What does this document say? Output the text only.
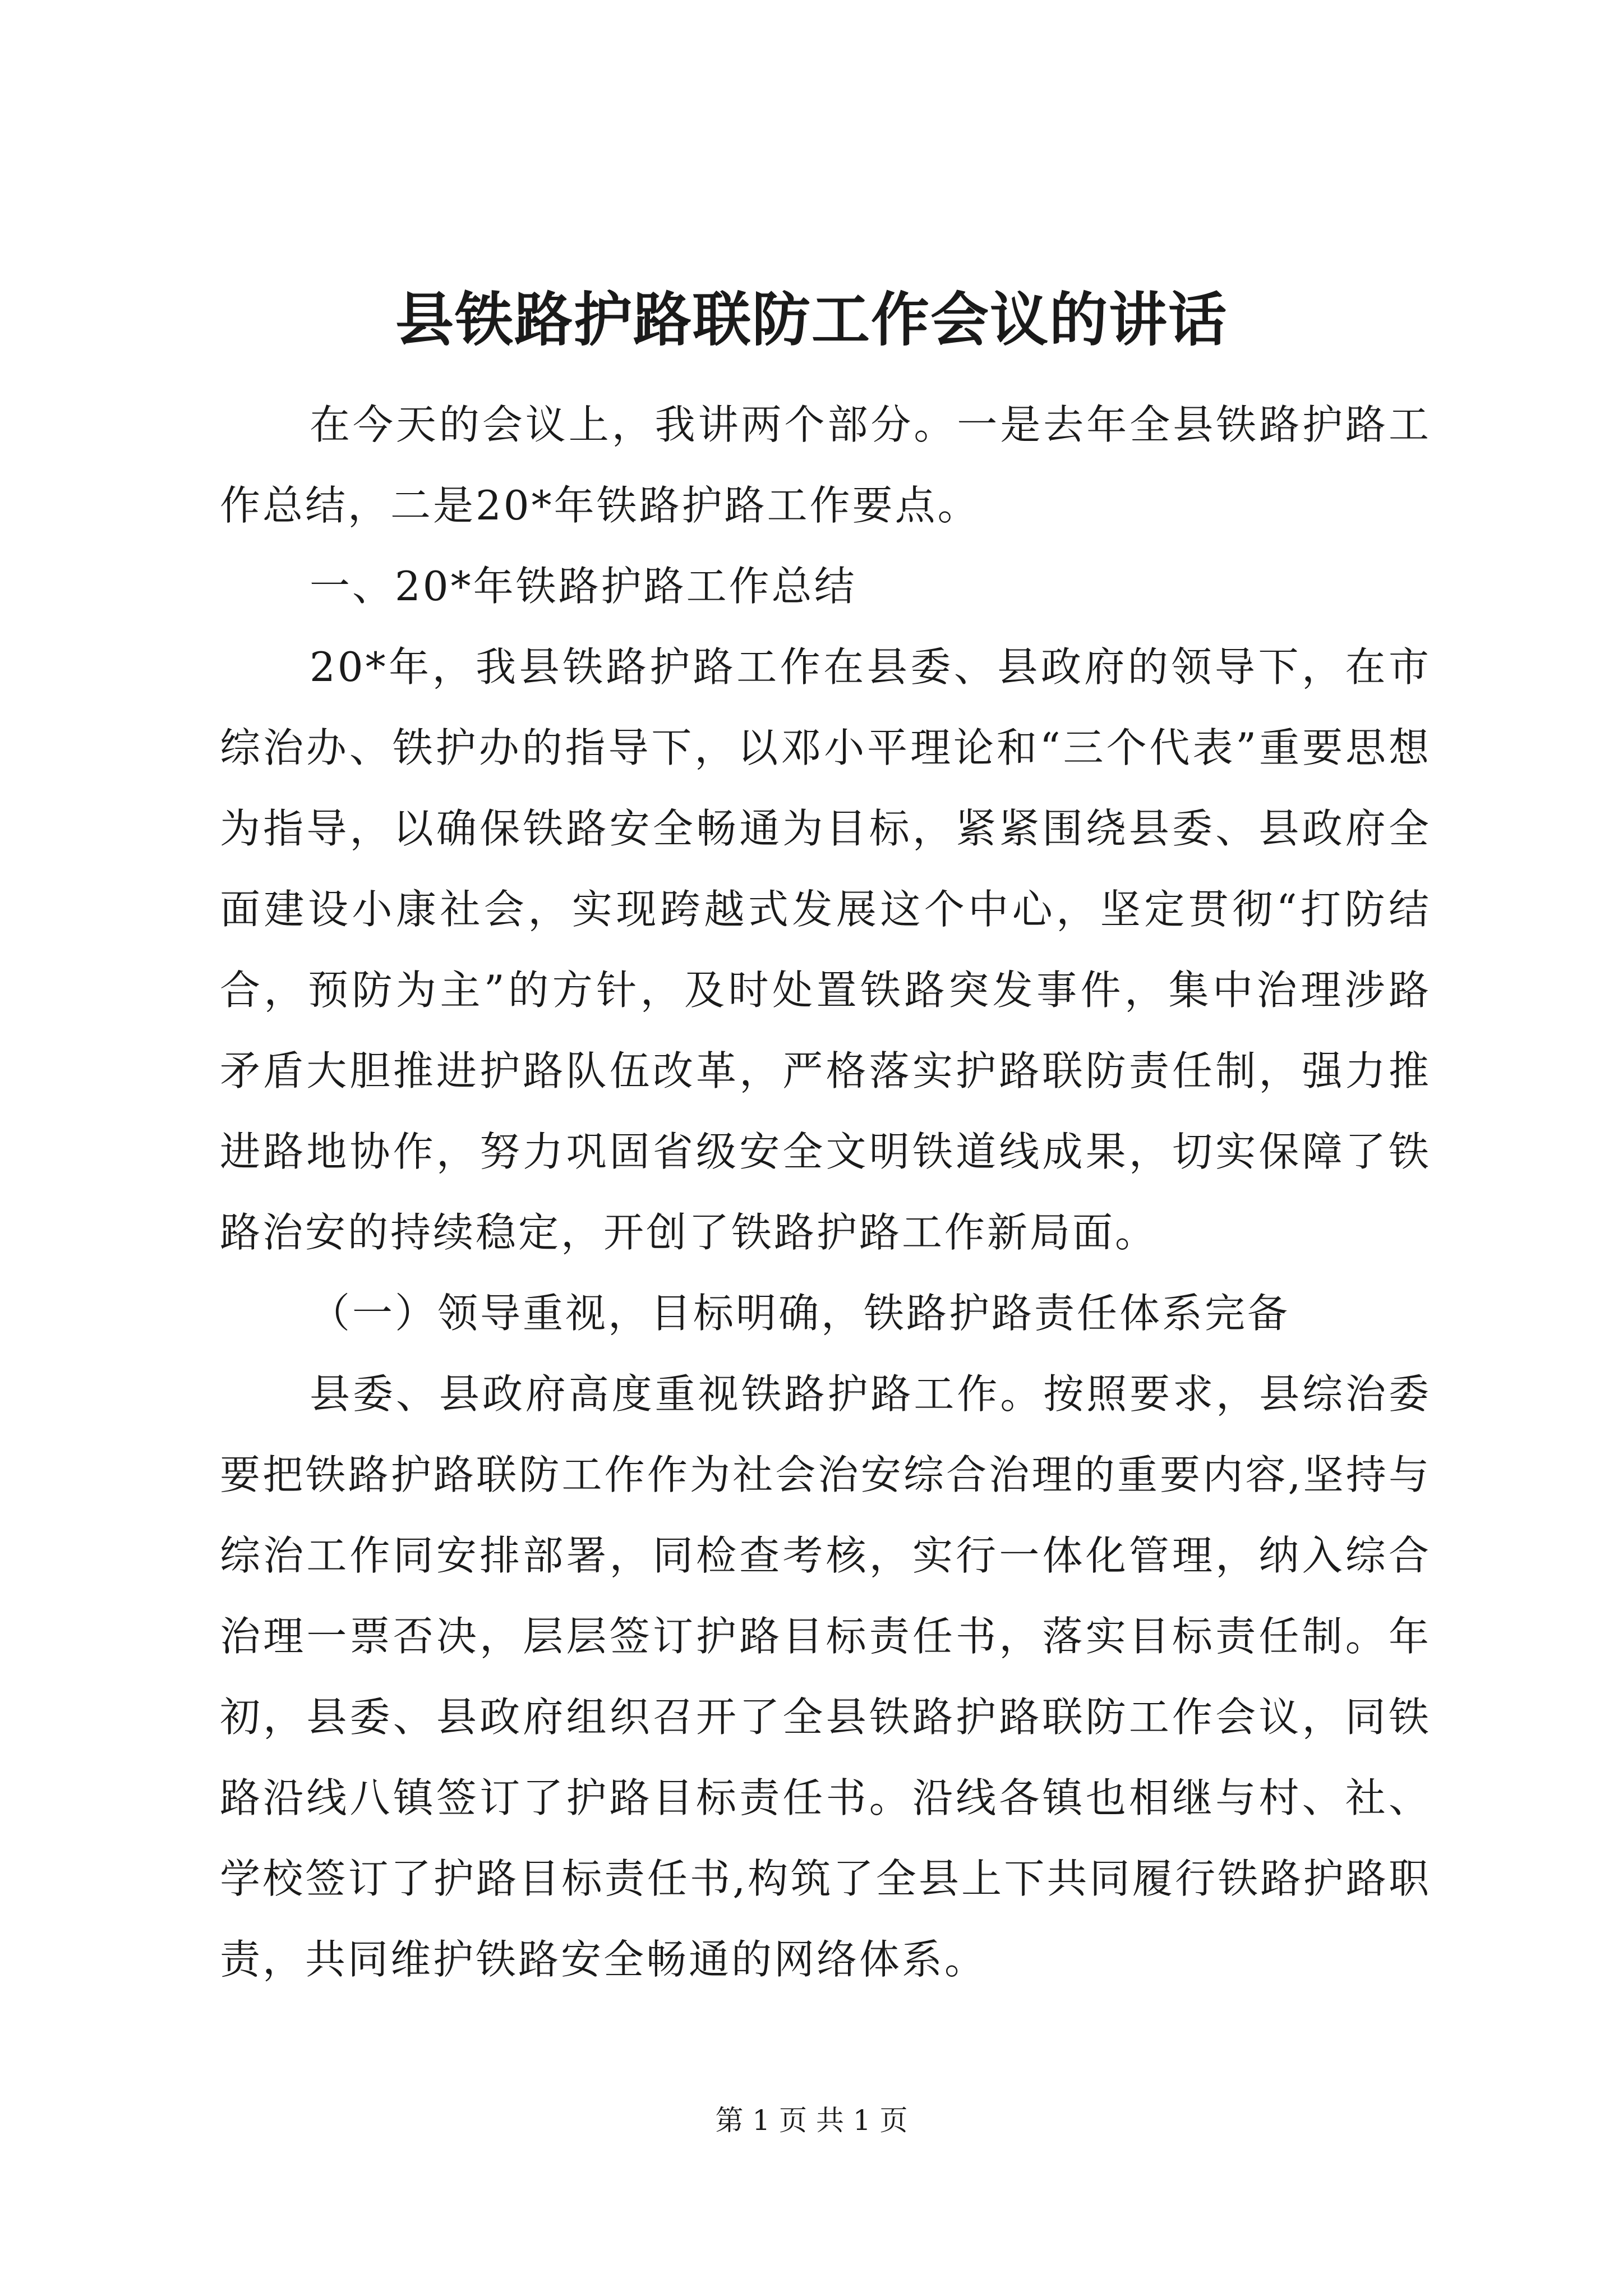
县铁路护路联防工作会议的讲话

在今天的会议上，我讲两个部分。一是去年全县铁路护路工作总结，二是20*年铁路护路工作要点。

一、20*年铁路护路工作总结

20*年，我县铁路护路工作在县委、县政府的领导下，在市综治办、铁护办的指导下，以邓小平理论和“三个代表”重要思想为指导，以确保铁路安全畅通为目标，紧紧围绕县委、县政府全面建设小康社会，实现跨越式发展这个中心，坚定贯彻“打防结合，预防为主”的方针，及时处置铁路突发事件，集中治理涉路矛盾大胆推进护路队伍改革，严格落实护路联防责任制，强力推进路地协作，努力巩固省级安全文明铁道线成果，切实保障了铁路治安的持续稳定，开创了铁路护路工作新局面。

（一）领导重视，目标明确，铁路护路责任体系完备

县委、县政府高度重视铁路护路工作。按照要求，县综治委要把铁路护路联防工作作为社会治安综合治理的重要内容,坚持与综治工作同安排部署，同检查考核，实行一体化管理，纳入综合治理一票否决，层层签订护路目标责任书，落实目标责任制。年初，县委、县政府组织召开了全县铁路护路联防工作会议，同铁路沿线八镇签订了护路目标责任书。沿线各镇也相继与村、社、学校签订了护路目标责任书,构筑了全县上下共同履行铁路护路职责，共同维护铁路安全畅通的网络体系。

第 1 页 共 1 页
